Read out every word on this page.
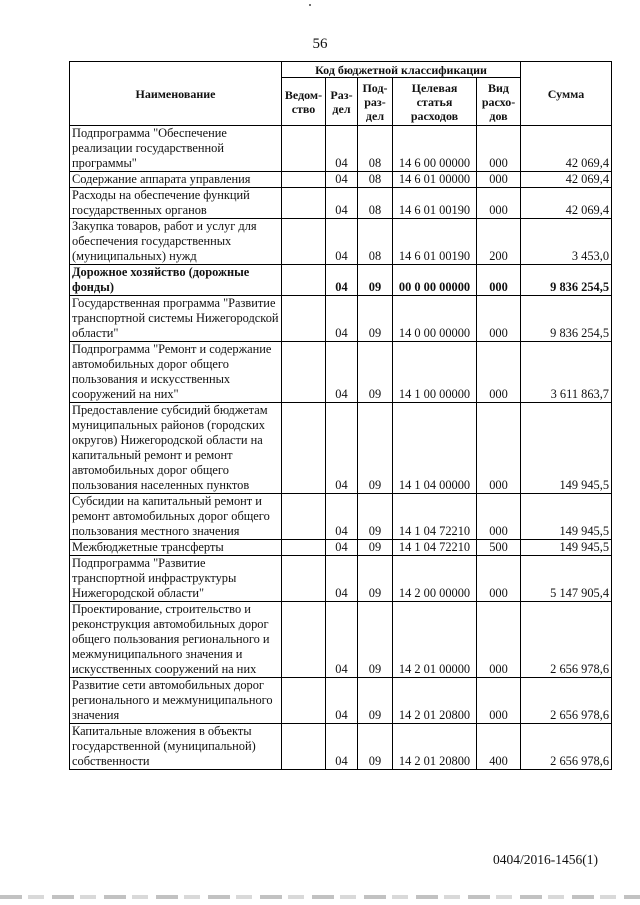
56
Наименование	Код бюджетной классификации					Сумма
	Ведом-ство	Раз-дел	Под-раз-дел	Целевая статья расходов	Вид расхо-дов	
Подпрограмма "Обеспечение реализации государственной программы"		04	08	14 6 00 00000	000	42 069,4
Содержание аппарата управления		04	08	14 6 01 00000	000	42 069,4
Расходы на обеспечение функций государственных органов		04	08	14 6 01 00190	000	42 069,4
Закупка товаров, работ и услуг для обеспечения государственных (муниципальных) нужд		04	08	14 6 01 00190	200	3 453,0
Дорожное хозяйство (дорожные фонды)		04	09	00 0 00 00000	000	9 836 254,5
Государственная программа "Развитие транспортной системы Нижегородской области"		04	09	14 0 00 00000	000	9 836 254,5
Подпрограмма "Ремонт и содержание автомобильных дорог общего пользования и искусственных сооружений на них"		04	09	14 1 00 00000	000	3 611 863,7
Предоставление субсидий бюджетам муниципальных районов (городских округов) Нижегородской области на капитальный ремонт и ремонт автомобильных дорог общего пользования населенных пунктов		04	09	14 1 04 00000	000	149 945,5
Субсидии на капитальный ремонт и ремонт автомобильных дорог общего пользования местного значения		04	09	14 1 04 72210	000	149 945,5
Межбюджетные трансферты		04	09	14 1 04 72210	500	149 945,5
Подпрограмма "Развитие транспортной инфраструктуры Нижегородской области"		04	09	14 2 00 00000	000	5 147 905,4
Проектирование, строительство и реконструкция автомобильных дорог общего пользования регионального и межмуниципального значения и искусственных сооружений на них		04	09	14 2 01 00000	000	2 656 978,6
Развитие сети автомобильных дорог регионального и межмуниципального значения		04	09	14 2 01 20800	000	2 656 978,6
Капитальные вложения в объекты государственной (муниципальной) собственности		04	09	14 2 01 20800	400	2 656 978,6
0404/2016-1456(1)
